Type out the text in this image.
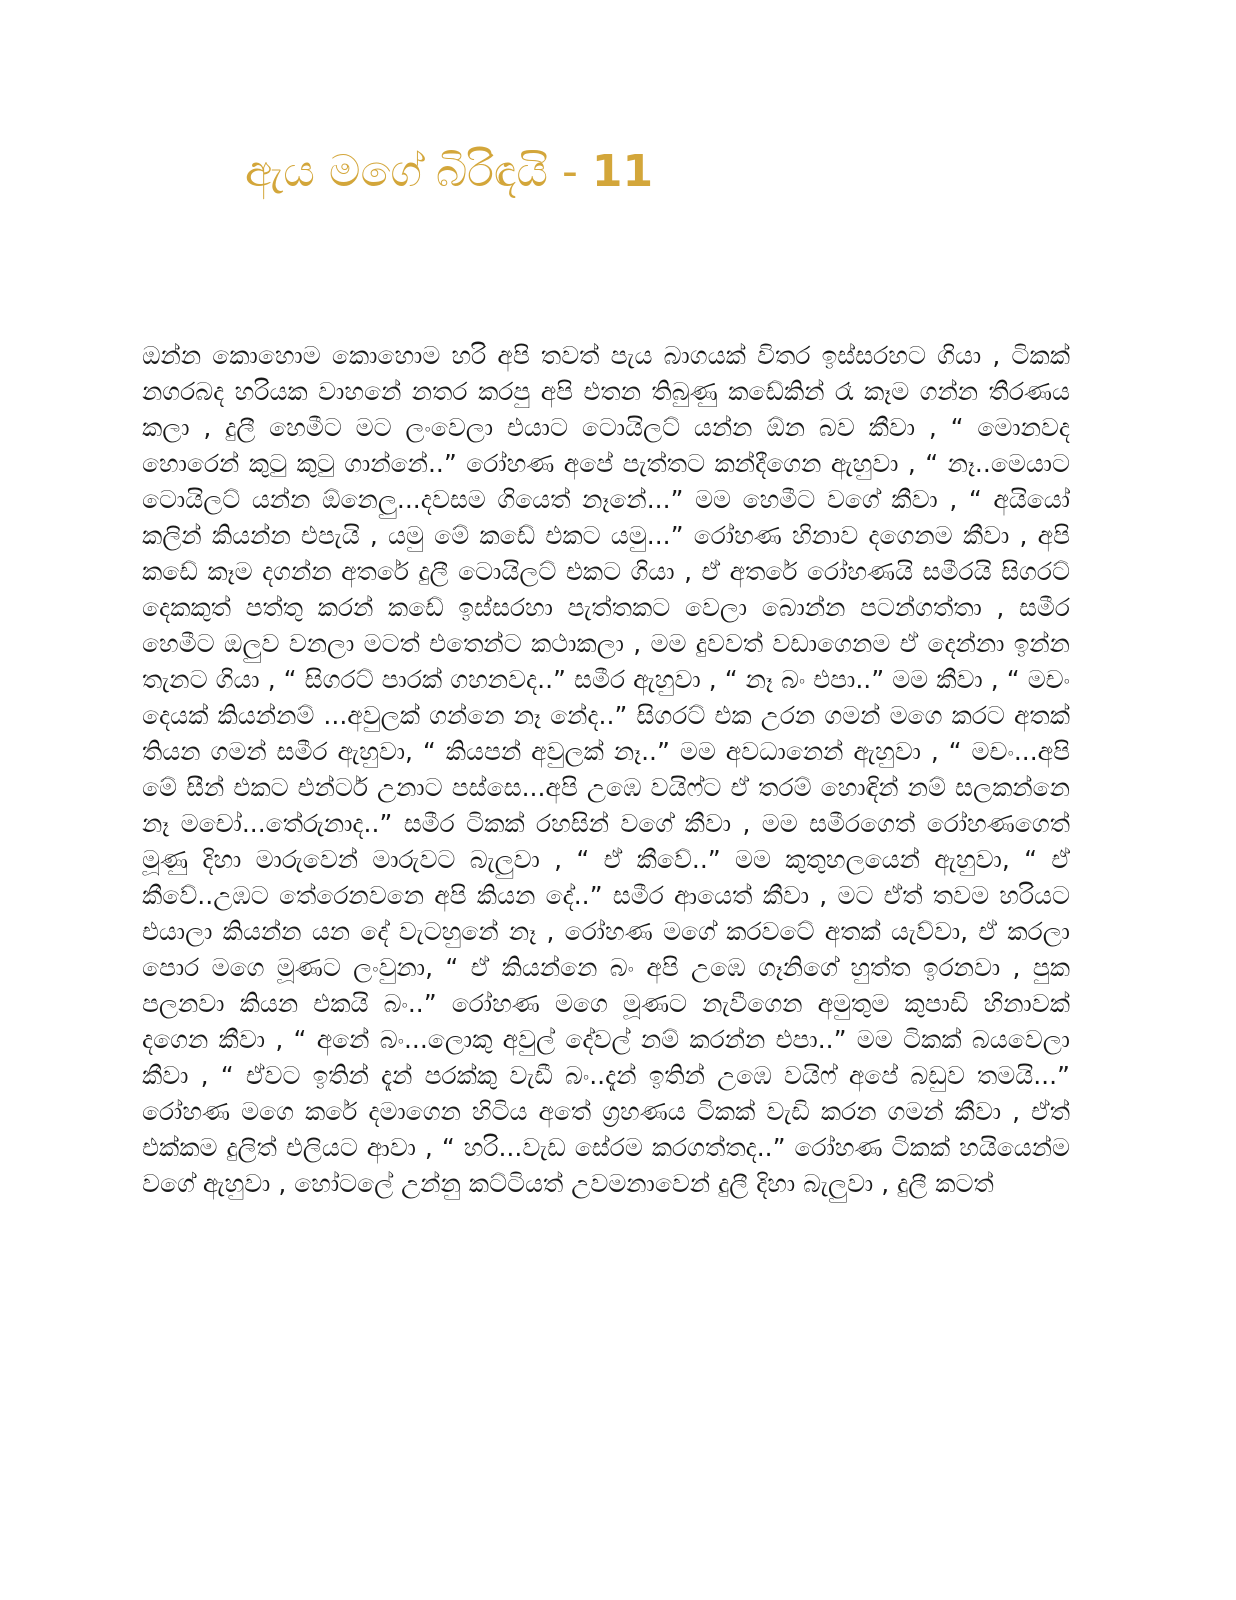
ඇය මගේ බිරිඳයි - 11

ඔන්න කොහොම කොහොම හරි අපි තවත් පැය බාගයක් විතර ඉස්සරහට ගියා , ටිකක් නගරබද හරියක වාහනේ නතර කරපු අපි එතන තිබුණු කඩේකින් රෑ කෑම ගන්න තීරණය කලා , දුලී හෙමීට මට ලංවෙලා එයාට ටොයිලට් යන්න ඕන බව කීවා , “ මොනවද හොරෙන් කුටු කුටු ගාන්නේ..” රෝහණ අපේ පැත්තට කන්දීගෙන ඇහුවා , “ නෑ..මෙයාට ටොයිලට් යන්න ඕනෙලු...දවසම ගියෙත් නෑනේ...” මම හෙමීට වගේ කීවා , “ අයියෝ කලින් කියන්න එපැයි , යමු මේ කඩේ එකට යමු...” රෝහණ හිනාව දගෙනම කීවා , අපි කඩේ කෑම දගන්න අතරේ දුලී ටොයිලට් එකට ගියා , ඒ අතරේ රෝහණයි සමීරයි සිගරට් දෙකකුත් පත්තු කරන් කඩේ ඉස්සරහා පැත්තකට වෙලා බොන්න පටන්ගත්තා , සමීර හෙමීට ඔලුව වනලා මටත් එතෙන්ට කථාකලා , මම දුවවත් වඩාගෙනම ඒ දෙන්නා ඉන්න තැනට ගියා , “ සිගරට් පාරක් ගහනවද..” සමීර ඇහුවා , “ නෑ බං එපා..” මම කීවා , “ මචං දෙයක් කියන්නම් ...අවුලක් ගන්නෙ නෑ නේද..” සිගරට් එක උරන ගමන් මගෙ කරට අතක් තියන ගමන් සමීර ඇහුවා, “ කියපන් අවුලක් නෑ..” මම අවධානෙන් ඇහුවා , “ මචං...අපි මේ සීන් එකට එන්ටර් උනාට පස්සෙ...අපි උඹෙ වයිෆ්ට ඒ තරම් හොඳින් නම් සලකන්නෙ නෑ මචෝ...තේරුනාද..” සමීර ටිකක් රහසින් වගේ කීවා , මම සමීරගෙත් රෝහණගෙත් මූණු දිහා මාරුවෙන් මාරුවට බැලුවා , “ ඒ කීවේ..” මම කුතුහලයෙන් ඇහුවා, “ ඒ කීවේ..උඹට තේරෙනවනෙ අපි කියන දේ..” සමීර ආයෙත් කීවා , මට ඒත් තවම හරියට එයාලා කියන්න යන දේ වැටහුනේ නෑ , රෝහණ මගේ කරවටේ අතක් යැව්වා, ඒ කරලා පොර මගෙ මූණට ලංවුනා, “ ඒ කියන්නෙ බං අපි උඹෙ ගෑනිගේ හුත්ත ඉරනවා , පුක පලනවා කියන එකයි බං..” රෝහණ මගෙ මූණට නැවීගෙන අමුතුම කුපාඩි හිනාවක් දගෙන කීවා , “ අනේ බං...ලොකු අවුල් දේවල් නම් කරන්න එපා..” මම ටිකක් බයවෙලා කීවා , “ ඒවට ඉතින් දැන් පරක්කු වැඩී බං..දැන් ඉතින් උඹෙ වයිෆ් අපේ බඩුව තමයි...” රෝහණ මගෙ කරේ දමාගෙන හිටිය අතේ ග්‍රහණය ටිකක් වැඩි කරන ගමන් කීවා , ඒත් එක්කම දුලිත් එලියට ආවා , “ හරි...වැඩ සේරම කරගත්තද..” රෝහණ ටිකක් හයියෙන්ම වගේ ඇහුවා , හෝටලේ උන්නු කට්ටියත් උවමනාවෙන් දුලී දිහා බැලුවා , දුලී කටත්
